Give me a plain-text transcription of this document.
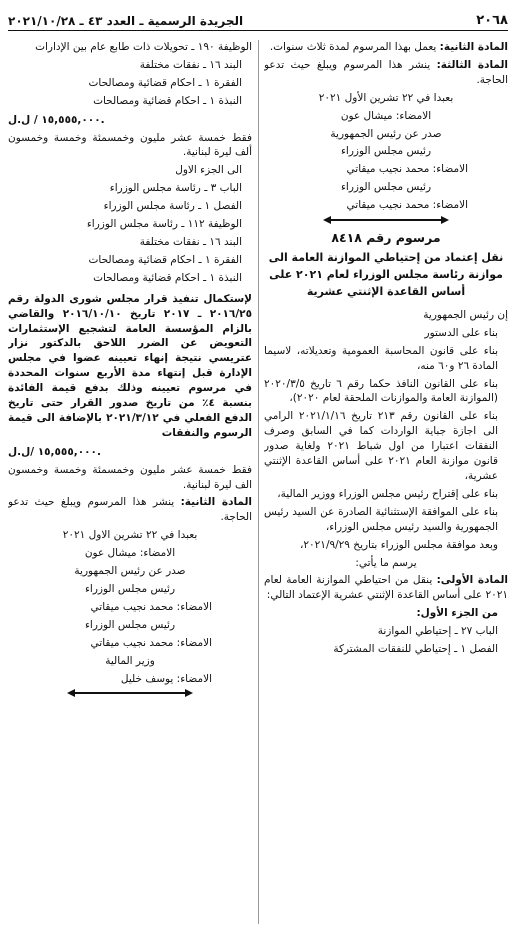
٢٠٦٨
الجريدة الرسمية ـ العدد ٤٣ ـ ٢٠٢١/١٠/٢٨

المادة الثانية: يعمل بهذا المرسوم لمدة ثلاث سنوات.

المادة الثالثة: ينشر هذا المرسوم ويبلغ حيث تدعو الحاجة.

بعبدا في ٢٢ تشرين الأول ٢٠٢١

الامضاء: ميشال عون

صدر عن رئيس الجمهورية

رئيس مجلس الوزراء

الامضاء: محمد نجيب ميقاتي

رئيس مجلس الوزراء

الامضاء: محمد نجيب ميقاتي

مرسوم رقم ٨٤١٨
نقل إعتماد من إحتياطي الموازنة العامة الى موازنة رئاسة مجلس الوزراء لعام ٢٠٢١ على أساس القاعدة الإثنتي عشرية

إن رئيس الجمهورية

بناء على الدستور

بناء على قانون المحاسبة العمومية وتعديلاته، لاسيما المادة ٢٦ و٦٠ منه،

بناء على القانون النافذ حكما رقم ٦ تاريخ ٢٠٢٠/٣/٥ (الموازنة العامة والموازنات الملحقة لعام ٢٠٢٠)،

بناء على القانون رقم ٢١٣ تاريخ ٢٠٢١/١/١٦ الرامي الى اجازة جباية الواردات كما في السابق وصرف النفقات اعتبارا من اول شباط ٢٠٢١ ولغاية صدور قانون موازنة العام ٢٠٢١ على أساس القاعدة الإثنتي عشرية،

بناء على إقتراح رئيس مجلس الوزراء ووزير المالية،

بناء على الموافقة الإستثنائية الصادرة عن السيد رئيس الجمهورية والسيد رئيس مجلس الوزراء،

وبعد موافقة مجلس الوزراء بتاريخ ٢٠٢١/٩/٢٩،

يرسم ما يأتي:

المادة الأولى: ينقل من احتياطي الموازنة العامة لعام ٢٠٢١ على أساس القاعدة الإثنتي عشرية الإعتماد التالي:

من الجزء الأول:

الباب ٢٧ ـ إحتياطي الموازنة

الفصل ١ ـ إحتياطي للنفقات المشتركة

الوظيفة ١٩٠ ـ تحويلات ذات طابع عام بين الإدارات

البند ١٦ ـ نفقات مختلفة

الفقرة ١ ـ احكام قضائية ومصالحات

النبذة ١ ـ احكام قضائية ومصالحات

١٥,٥٥٥,٠٠٠ / ل.ل.

فقط خمسة عشر مليون وخمسمئة وخمسة وخمسون ألف ليرة لبنانية.

الى الجزء الاول

الباب ٣ ـ رئاسة مجلس الوزراء

الفصل ١ ـ رئاسة مجلس الوزراء

الوظيفة ١١٢ ـ رئاسة مجلس الوزراء

البند ١٦ ـ نفقات مختلفة

الفقرة ١ ـ احكام قضائية ومصالحات

النبذة ١ ـ احكام قضائية ومصالحات

لإستكمال تنفيذ قرار مجلس شورى الدولة رقم ٢٠١٦/٢٥ ـ ٢٠١٧ تاريخ ٢٠١٦/١٠/١٠ والقاضي بالزام المؤسسة العامة لتشجيع الإستثمارات التعويض عن الضرر اللاحق بالدكتور نزار عتريسي نتيجة إنهاء تعيينه عضوا في مجلس الإدارة قبل إنتهاء مدة الأربع سنوات المحددة في مرسوم تعيينه وذلك بدفع قيمة الفائدة بنسبة ٤٪ من تاريخ صدور القرار حتى تاريخ الدفع الفعلي في ٢٠٢١/٣/١٢ بالإضافة الى قيمة الرسوم والنفقات

١٥,٥٥٥,٠٠٠ /ل.ل.

فقط خمسة عشر مليون وخمسمئة وخمسة وخمسون الف ليرة لبنانية.

المادة الثانية: ينشر هذا المرسوم ويبلغ حيث تدعو الحاجة.

بعبدا في ٢٢ تشرين الاول ٢٠٢١

الامضاء: ميشال عون

صدر عن رئيس الجمهورية

رئيس مجلس الوزراء

الامضاء: محمد نجيب ميقاتي

رئيس مجلس الوزراء

الامضاء: محمد نجيب ميقاتي

وزير المالية

الامضاء: يوسف خليل
